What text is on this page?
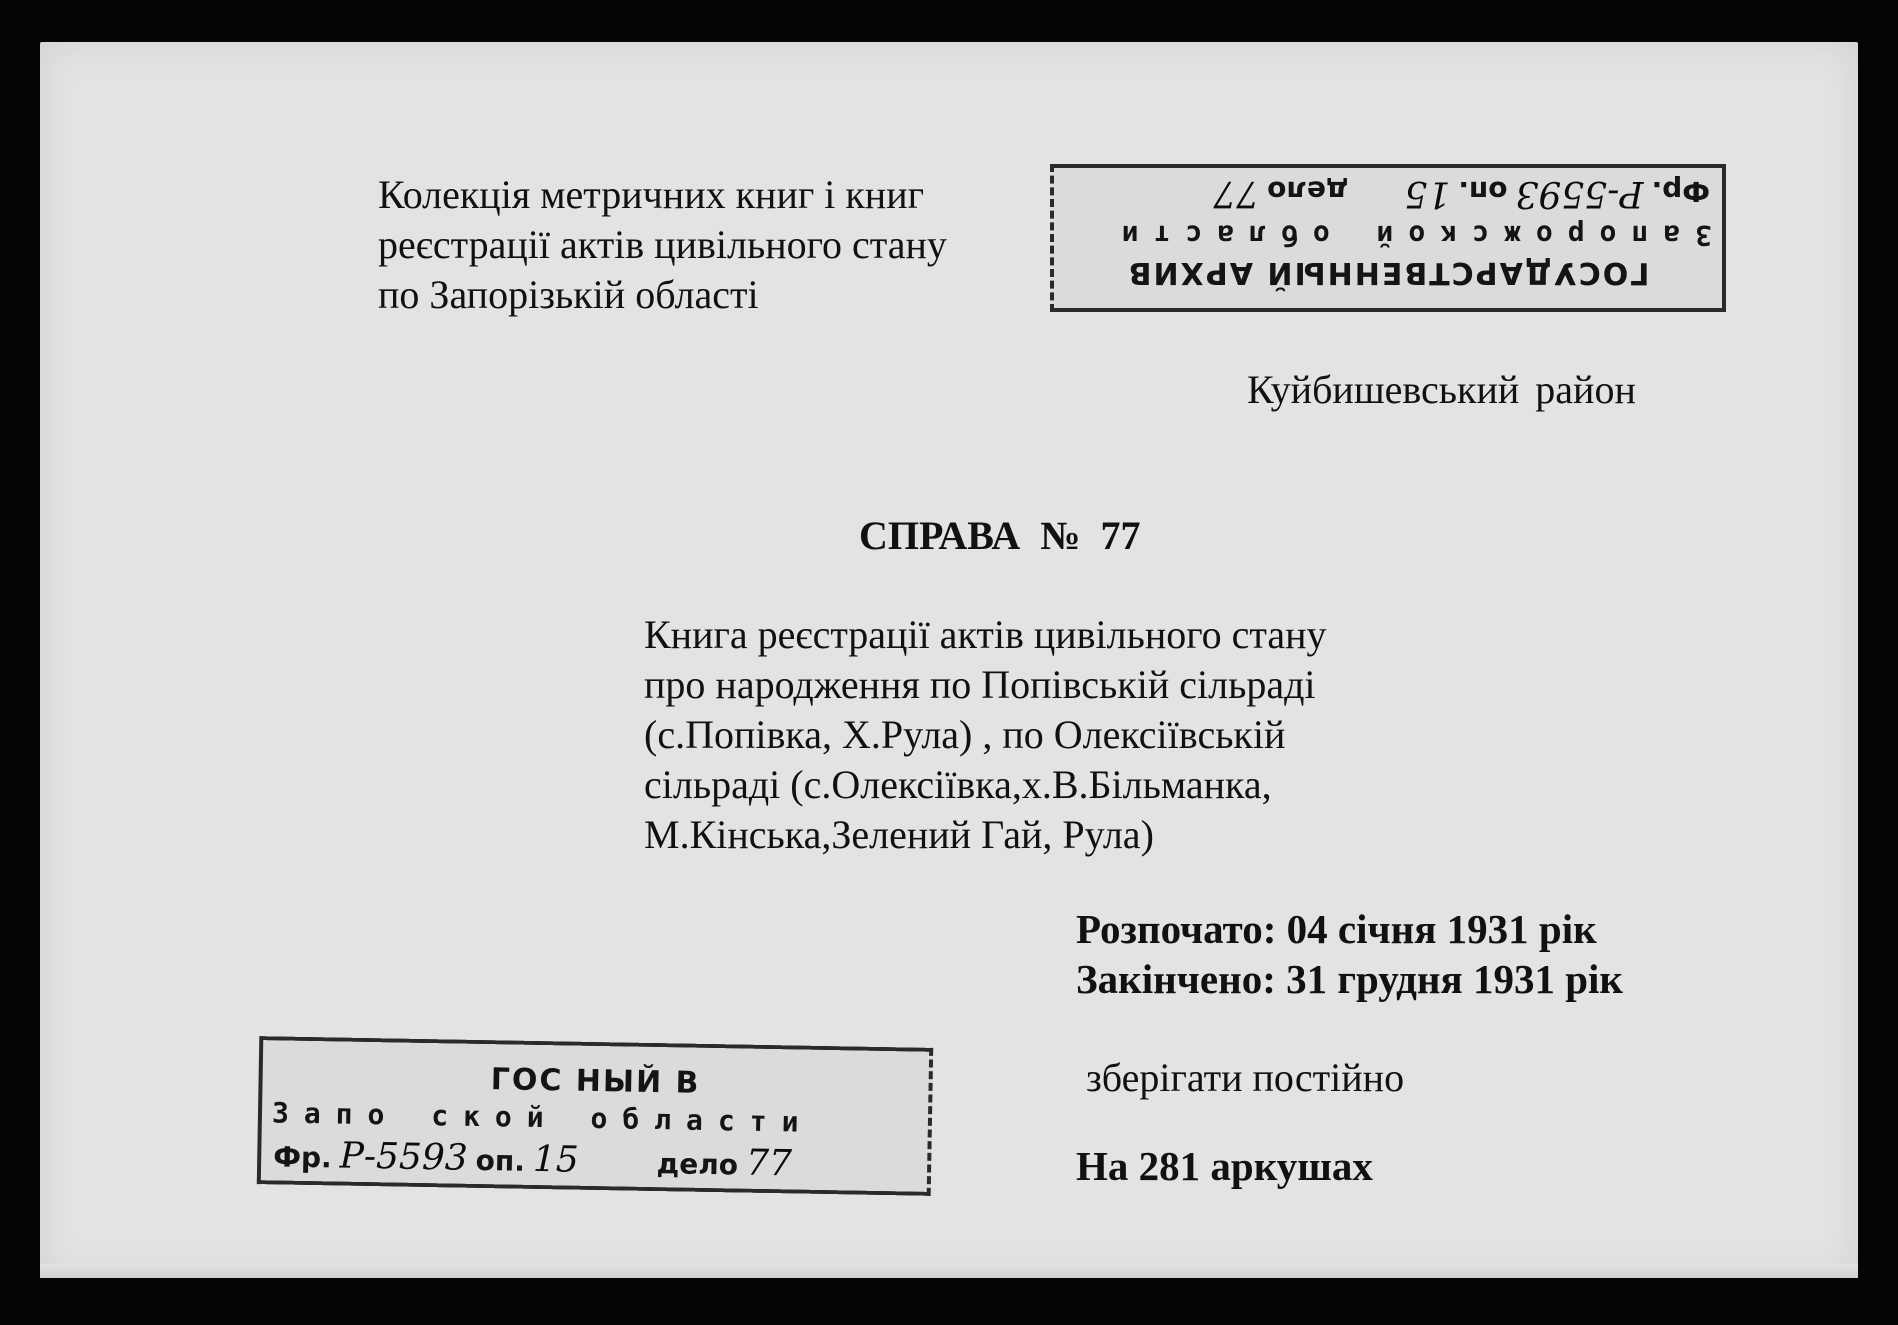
Колекція метричних книг і книг
реєстрації актів цивільного стану
по Запорізькій області	ГОСУДАРСТВЕННЫЙ АРХИВ
Запорожской области
Фр.Р-5593оп.15дело77
Куйбишевський район
СПРАВА № 77
Книга реєстрації актів цивільного стану
про народження по Попівській сільраді
(с.Попівка, Х.Рула) , по Олексіївській
сільраді (с.Олексіївка,х.В.Більманка,
М.Кінська,Зелений Гай, Рула)
Розпочато: 04 січня 1931 рік
Закінчено: 31 грудня 1931 рік
зберігати постійно
На 281 аркушах
ГОС НЫЙ В
Запо ской области
Фр. Р-5593 оп. 15	дело 77
